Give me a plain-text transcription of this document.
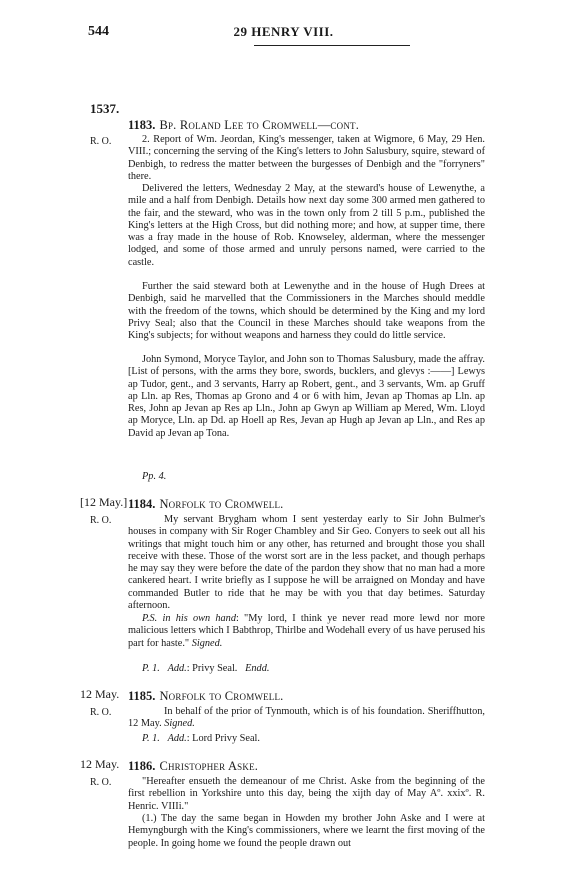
544	29 HENRY VIII.
1537.
1183. Bp. Roland Lee to Cromwell—cont.
R. O.	2. Report of Wm. Jeordan, King's messenger, taken at Wigmore, 6 May, 29 Hen. VIII.; concerning the serving of the King's letters to John Salusbury, squire, steward of Denbigh, to redress the matter between the burgesses of Denbigh and the "forryners" there.
Delivered the letters, Wednesday 2 May, at the steward's house of Lewenythe, a mile and a half from Denbigh. Details how next day some 300 armed men gathered to the fair, and the steward, who was in the town only from 2 till 5 p.m., published the King's letters at the High Cross, but did nothing more; and how, at supper time, there was a fray made in the house of Rob. Knowseley, alderman, where the messenger lodged, and some of those armed and unruly persons named, were carried to the castle.
Further the said steward both at Lewenythe and in the house of Hugh Drees at Denbigh, said he marvelled that the Commissioners in the Marches should meddle with the freedom of the towns, which should be determined by the King and my lord Privy Seal; also that the Council in these Marches should take weapons from the King's subjects; for without weapons and harness they could do little service.
John Symond, Moryce Taylor, and John son to Thomas Salusbury, made the affray. [List of persons, with the arms they bore, swords, bucklers, and glevys :——] Lewys ap Tudor, gent., and 3 servants, Harry ap Robert, gent., and 3 servants, Wm. ap Gruff ap Lln. ap Res, Thomas ap Grono and 4 or 6 with him, Jevan ap Thomas ap Lln. ap Res, John ap Jevan ap Res ap Lln., John ap Gwyn ap William ap Mered, Wm. Lloyd ap Moryce, Lln. ap Dd. ap Hoell ap Res, Jevan ap Hugh ap Jevan ap Lln., and Res ap David ap Jevan ap Tona.
Pp. 4.
[12 May.] 1184. Norfolk to Cromwell.
R. O.	My servant Brygham whom I sent yesterday early to Sir John Bulmer's houses in company with Sir Roger Chambley and Sir Geo. Conyers to seek out all his writings that might touch him or any other, has returned and brought those you shall receive with these. Those of the worst sort are in the less packet, and though perhaps he may say they were before the date of the pardon they show that no man had a more cankered heart. I write briefly as I suppose he will be arraigned on Monday and have commanded Butler to ride that he may be with you that day betimes. Saturday afternoon.
P.S. in his own hand: "My lord, I think ye never read more lewd nor more malicious letters which I Babthrop, Thirlbe and Wodehall every of us have perused his part for haste." Signed.
P. 1. Add.: Privy Seal. Endd.
12 May. 1185. Norfolk to Cromwell.
R. O.	In behalf of the prior of Tynmouth, which is of his foundation. Sheriffhutton, 12 May. Signed.
P. 1. Add.: Lord Privy Seal.
12 May. 1186. Christopher Aske.
R. O.	"Hereafter ensueth the demeanour of me Christ. Aske from the beginning of the first rebellion in Yorkshire unto this day, being the xijth day of May Aº. xxixº. R. Henric. VIIIi."
(1.) The day the same began in Howden my brother John Aske and I were at Hemyngburgh with the King's commissioners, where we learnt the first moving of the people. In going home we found the people drawn out
